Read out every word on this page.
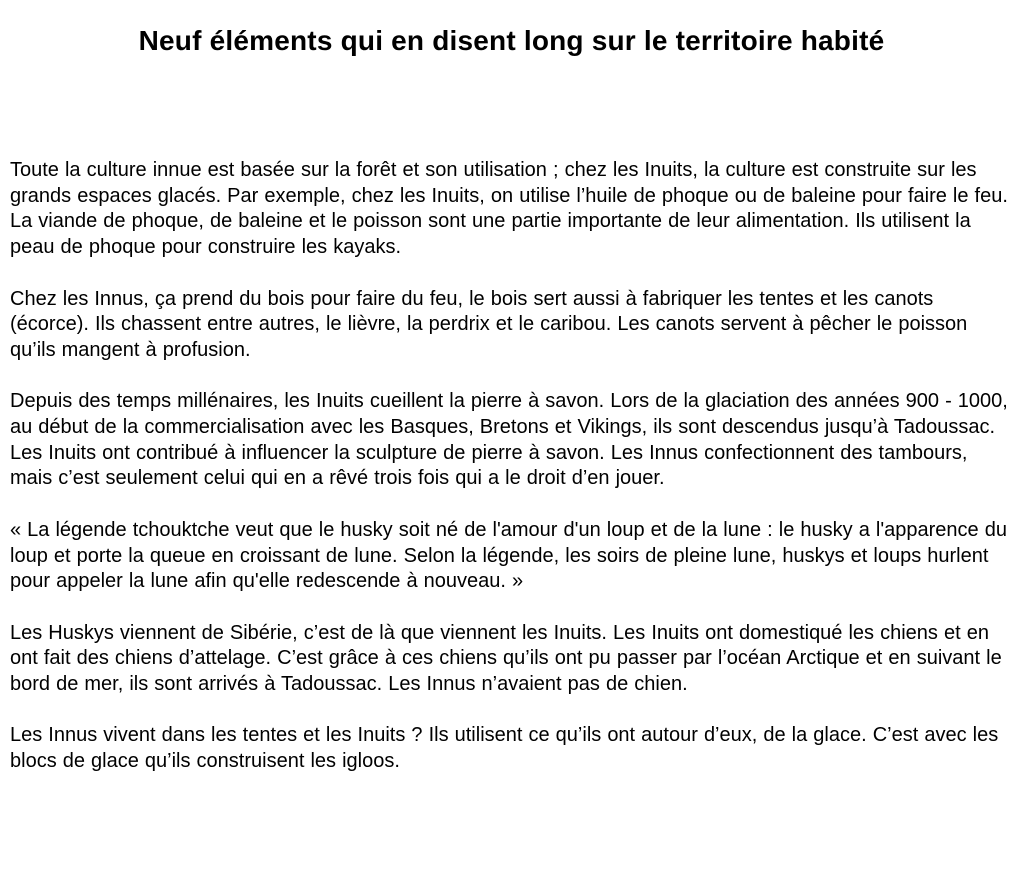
Neuf éléments qui en disent long sur le territoire habité

Toute la culture innue est basée sur la forêt et son utilisation ; chez les Inuits, la culture est construite sur les grands espaces glacés. Par exemple, chez les Inuits, on utilise l’huile de phoque ou de baleine pour faire le feu. La viande de phoque, de baleine et le poisson sont une partie importante de leur alimentation. Ils utilisent la peau de phoque pour construire les kayaks.

Chez les Innus, ça prend du bois pour faire du feu, le bois sert aussi à fabriquer les tentes et les canots (écorce). Ils chassent entre autres, le lièvre, la perdrix et le caribou. Les canots servent à pêcher le poisson qu’ils mangent à profusion.

Depuis des temps millénaires, les Inuits cueillent la pierre à savon. Lors de la glaciation des années 900 - 1000, au début de la commercialisation avec les Basques, Bretons et Vikings, ils sont descendus jusqu’à Tadoussac. Les Inuits ont contribué à influencer la sculpture de pierre à savon. Les Innus confectionnent des tambours, mais c’est seulement celui qui en a rêvé trois fois qui a le droit d’en jouer.

« La légende tchouktche veut que le husky soit né de l'amour d'un loup et de la lune : le husky a l'apparence du loup et porte la queue en croissant de lune. Selon la légende, les soirs de pleine lune, huskys et loups hurlent pour appeler la lune afin qu'elle redescende à nouveau. »

Les Huskys viennent de Sibérie, c’est de là que viennent les Inuits. Les Inuits ont domestiqué les chiens et en ont fait des chiens d’attelage. C’est grâce à ces chiens qu’ils ont pu passer par l’océan Arctique et en suivant le bord de mer, ils sont arrivés à Tadoussac. Les Innus n’avaient pas de chien.

Les Innus vivent dans les tentes et les Inuits ? Ils utilisent ce qu’ils ont autour d’eux, de la glace. C’est avec les blocs de glace qu’ils construisent les igloos.
